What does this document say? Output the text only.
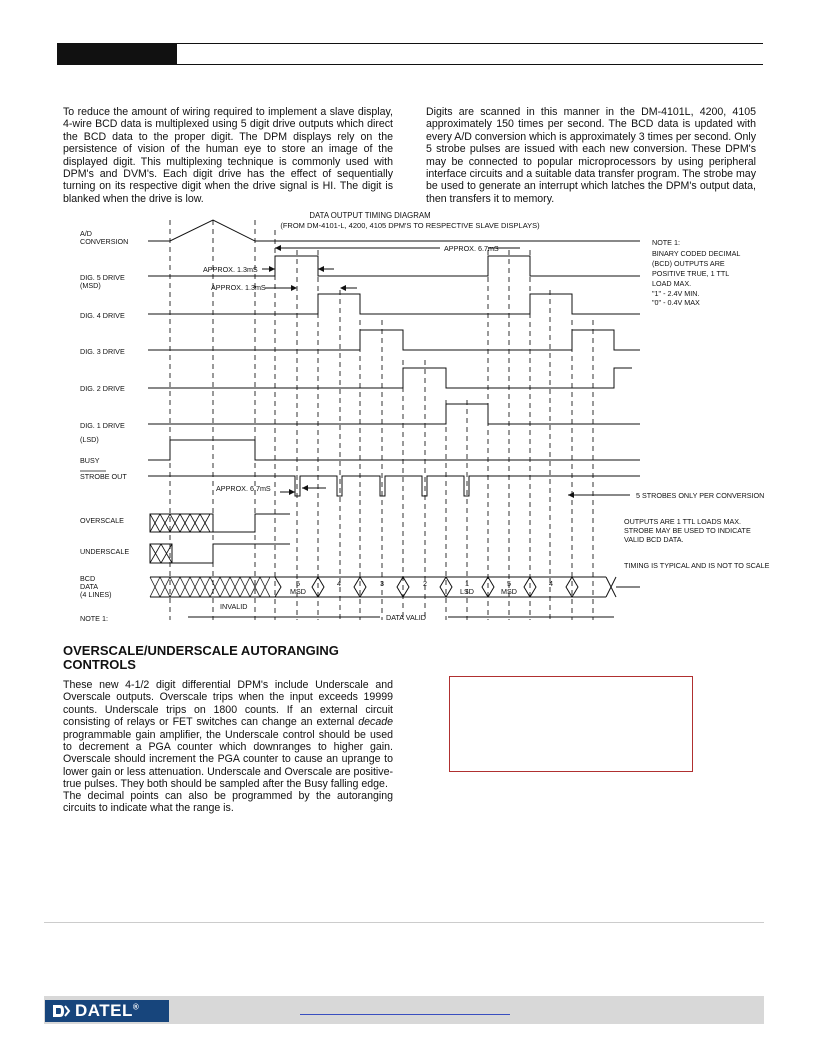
To reduce the amount of wiring required to implement a slave display, 4-wire BCD data is multiplexed using 5 digit drive outputs which direct the BCD data to the proper digit. The DPM displays rely on the persistence of vision of the human eye to store an image of the displayed digit. This multiplexing technique is commonly used with DPM's and DVM's. Each digit drive has the effect of sequentially turning on its respective digit when the drive signal is HI. The digit is blanked when the drive is low.

Digits are scanned in this manner in the DM-4101L, 4200, 4105 approximately 150 times per second. The BCD data is updated with every A/D conversion which is approximately 3 times per second. Only 5 strobe pulses are issued with each new conversion. These DPM's may be connected to popular microprocessors by using peripheral interface circuits and a suitable data transfer program. The strobe may be used to generate an interrupt which latches the DPM's output data, then transfers it to memory.

DATA OUTPUT TIMING DIAGRAM
(FROM DM-4101-L, 4200, 4105 DPM'S TO RESPECTIVE SLAVE DISPLAYS)
A/D
CONVERSION
DIG. 5 DRIVE
(MSD)
DIG. 4 DRIVE
DIG. 3 DRIVE
DIG. 2 DRIVE
DIG. 1 DRIVE
(LSD)
BUSY
STROBE OUT
OVERSCALE
UNDERSCALE
BCD
DATA
(4 LINES)
APPROX. 6.7mS
APPROX. 1.3mS
APPROX. 1.3mS
APPROX. 6.7mS
5 STROBES ONLY PER CONVERSION
INVALID
DATA VALID
NOTE 1:
NOTE 1:
BINARY CODED DECIMAL
(BCD) OUTPUTS ARE
POSITIVE TRUE, 1 TTL
LOAD MAX.
"1" - 2.4V MIN.
"0" - 0.4V MAX
OUTPUTS ARE 1 TTL LOADS MAX.
STROBE MAY BE USED TO INDICATE
VALID BCD DATA.
TIMING IS TYPICAL AND IS NOT TO SCALE
5
MSD
4	3	2	1
LSD
5
MSD
4
OVERSCALE/UNDERSCALE AUTORANGING
CONTROLS

These new 4-1/2 digit differential DPM's include Underscale and Overscale outputs. Overscale trips when the input exceeds 19999 counts. Underscale trips on 1800 counts. If an external circuit consisting of relays or FET switches can change an external decade programmable gain amplifier, the Underscale control should be used to decrement a PGA counter which downranges to higher gain. Overscale should increment the PGA counter to cause an uprange to lower gain or less attenuation. Underscale and Overscale are positive-true pulses. They both should be sampled after the Busy falling edge.

The decimal points can also be programmed by the autoranging circuits to indicate what the range is.

DATEL®
